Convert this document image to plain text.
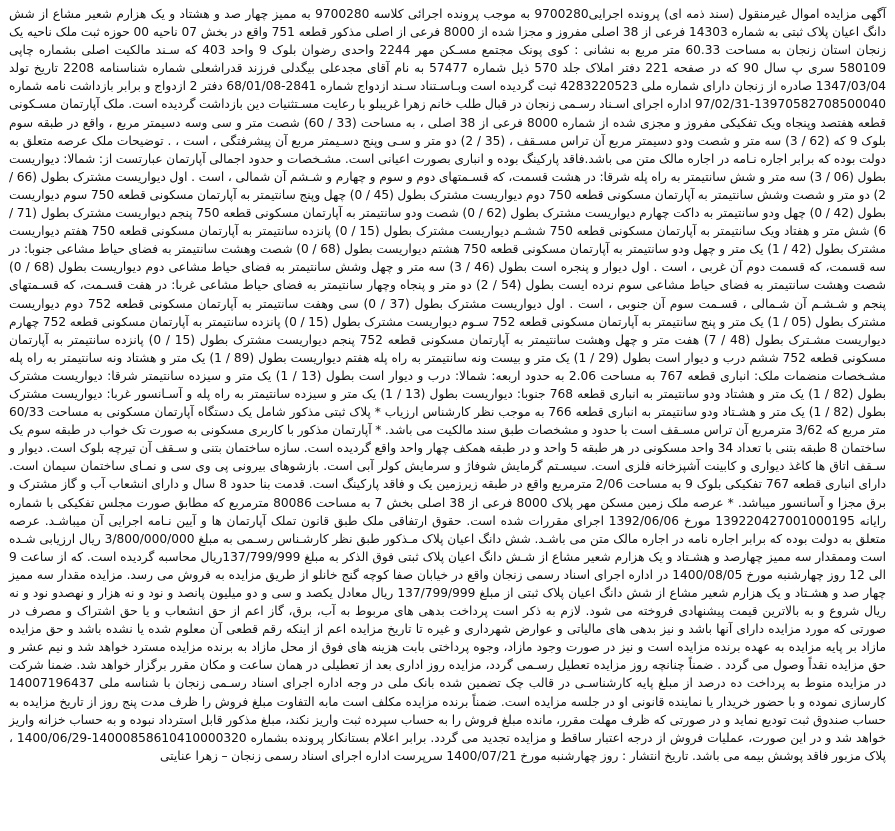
آگهی مزایده اموال غیرمنقول (سند ذمه ای) پرونده اجرایی9700280 به موجب پرونده اجرائی کلاسه 9700280 به ممیز چهار صد و هشتاد و یک هزارم شعیر مشاع از شش دانگ اعیان پلاک ثبتی به شماره 14303 فرعی از 38 اصلی مفروز و مجزا شده از 8000 فرعی از اصلی مذکور قطعه 751 واقع در بخش 07 ناحیه 00 حوزه ثبت ملک ناحیه یک زنجان استان زنجان به مساحت 60.33 متر مربع به نشانی : کوی پونک مجتمع مسـکن مهر 2244 واحدی رضوان بلوک 9 واحد 403 که سـند مالکیت اصلی بشماره چاپی 580109 سری پ سال 90 که در صفحه 221 دفتر املاک جلد 570 ذیل شماره 57477 به نام آقای مجدعلی بیگدلی فرزند قدراشعلی شماره شناسنامه 2208 تاریخ تولد 1347/03/04 صادره از زنجان دارای شماره ملی 4283220523 ثبت گردیده است وبـاسـتناد سـند ازدواج شماره 2841-68/01/08 دفتر 2 ازدواج و برابر بازداشت نامه شماره 13970582708500040-97/02/31 اداره اجرای اسـناد رسـمی زنجان در قبال طلب خانم زهرا غریبلو با رعایت مسـتثنیات دین بازداشت گردیده است. ملک آپارتمان مسـکونی قطعه هفتصد وپنجاه ویک تفکیکی مفروز و مجزی شده از شماره 8000 فرعی از 38 اصلی ، به مساحت (33 / 60) شصت متر و سی وسه دسیمتر مربع ، واقع در طبقه سوم بلوک 9 که (62 / 3) سه متر و شصت ودو دسیمتر مربع آن تراس مسـقف ، (35 / 2) دو متر و سـی وپنج دسـیمتر مربع آن پیشرفتگی ، است ، . توضیحات ملک عرصه متعلق به دولت بوده که برابر اجاره نـامه در اجاره مالک متن می باشد.فاقد پارکینگ بوده و انباری بصورت اعیانی است. مشـخصات و حدود اجمالی آپارتمان عبارتست از: شمالا: دیواریست بطول (06 / 3) سه متر و شش سانتیمتر به راه پله شرقا: در هشت قسمت، که قسـمتهای دوم و سوم و چهارم و شـشم آن شمالی ، است . اول دیواریست مشترک بطول (66 / 2) دو متر و شصت وشش سانتیمتر به آپارتمان مسکونی قطعه 750 دوم دیواریست مشترک بطول (45 / 0) چهل وپنج سانتیمتر به آپارتمان مسکونی قطعه 750 سوم دیواریست بطول (42 / 0) چهل ودو سانتیمتر به داکت چهارم دیواریست مشترک بطول (62 / 0) شصت ودو سانتیمتر به آپارتمان مسکونی قطعه 750 پنجم دیواریست مشترک بطول (71 / 6) شش متر و هفتاد ویک سانتیمتر به آپارتمان مسکونی قطعه 750 ششـم دیواریست مشترک بطول (15 / 0) پانزده سانتیمتر به آپارتمان مسکونی قطعه 750 هفتم دیواریست مشترک بطول (42 / 1) یک متر و چهل ودو سانتیمتر به آپارتمان مسکونی قطعه 750 هشتم دیواریست بطول (68 / 0) شصت وهشت سانتیمتر به فضای حیاط مشاعی جنوبا: در سه قسمت، که قسمت دوم آن غربی ، است . اول دیوار و پنجره است بطول (46 / 3) سه متر و چهل وشش سانتیمتر به فضای حیاط مشاعی دوم دیواریست بطول (68 / 0) شصت وهشت سانتیمتر به فضای حیاط مشاعی سوم نرده ایست بطول (54 / 2) دو متر و پنجاه وچهار سانتیمتر به فضای حیاط مشاعی غربا: در هفت قسـمت، که قسـمتهای پنجم و شـشـم آن شـمالی ، قسـمت سوم آن جنوبی ، است . اول دیواریست مشترک بطول (37 / 0) سی وهفت سانتیمتر به آپارتمان مسکونی قطعه 752 دوم دیواریست مشترک بطول (05 / 1) یک متر و پنج سانتیمتر به آپارتمان مسکونی قطعه 752 سـوم دیواریست مشترک بطول (15 / 0) پانزده سانتیمتر به آپارتمان مسکونی قطعه 752 چهارم دیواریست مشـترک بطول (48 / 7) هفت متر و چهل وهشت سانتیمتر به آپارتمان مسکونی قطعه 752 پنجم دیواریست مشترک بطول (15 / 0) پانزده سانتیمتر به آپارتمان مسکونی قطعه 752 ششم درب و دیوار است بطول (29 / 1) یک متر و بیست ونه سانتیمتر به راه پله هفتم دیواریست بطول (89 / 1) یک متر و هشتاد ونه سانتیمتر به راه پله مشـخصات منضمات ملک: انباری قطعه 767 به مساحت 2.06 به حدود اربعه: شمالا: درب و دیوار است بطول (13 / 1) یک متر و سیزده سانتیمتر شرقا: دیواریست مشترک بطول (82 / 1) یک متر و هشتاد ودو سانتیمتر به انباری قطعه 768 جنوبا: دیواریست بطول (13 / 1) یک متر و سیزده سانتیمتر به راه پله و آسـانسور غربا: دیواریست مشترک بطول (82 / 1) یک متر و هشـتاد ودو سانتیمتر به انباری قطعه 766 به موجب نظر کارشناس ارزیاب * پلاک ثبتی مذکور شامل یک دستگاه آپارتمان مسکونی به مساحت 60/33 متر مربع که 3/62 مترمربع آن تراس مسـقف است با حدود و مشخصات طبق سند مالکیت می باشد. * آپارتمان مذکور با کاربری مسکونی به صورت تک خواب در طبقه سوم یک ساختمان 8 طبقه بتنی با تعداد 34 واحد مسکونی در هر طبقه 5 واحد و در طبقه همکف چهار واحد واقع گردیده است. سازه ساختمان بتنی و سـقف آن تیرچه بلوک است. دیوار و سـقف اتاق ها کاغذ دیواری و کابینت آشپزخانه فلزی است. سیسـتم گرمایش شوفاژ و سرمایش کولر آبی است. بازشوهای بیرونی پی وی سی و نمـای ساختمان سیمان است. دارای انباری قطعه 767 تفکیکی بلوک 9 به مساحت 2/06 مترمربع واقع در طبقه زیرزمین یک و فاقد پارکینگ است. قدمت بنا حدود 8 سال و دارای انشعاب آب و گاز مشترک و برق مجزا و آسانسور میباشد. * عرصه ملک زمین مسکن مهر پلاک 8000 فرعی از 38 اصلی بخش 7 به مساحت 80086 مترمربع که مطابق صورت مجلس تفکیکی با شماره رایانه 139220427001000195 مورخ 1392/06/06 اجرای مقررات شده است. حقوق ارتفاقی ملک طبق قانون تملک آپارتمان ها و آیین نـامه اجرایی آن میباشـد. عرصه متعلق به دولت بوده که برابر اجاره نامه در اجاره مالک متن می باشـد. شش دانگ اعیان پلاک مـذکور طبق نظر کارشـناس رسـمی به مبلغ 3/800/000/000 ریال ارزیابی شـده است وممقدار سه ممیز چهارصد و هشـتاد و یک هزارم شعیر مشاع از شـش دانگ اعیان پلاک ثبتی فوق الذکر به مبلغ 137/799/999ریال محاسبه گردیده است. که از ساعت 9 الی 12 روز چهارشنبه مورخ 1400/08/05 در اداره اجرای اسناد رسمی زنجان واقع در خیابان صفا کوچه گنج خانلو از طریق مزایده به فروش می رسد. مزایده مقدار سه ممیز چهار صد و هشـتاد و یک هزارم شعیر مشاع از شش دانگ اعیان پلاک ثبتی از مبلغ 137/799/999 ریال معادل یکصد و سی و دو میلیون پانصد و نود و نه هزار و نهصدو نود و نه ریال شروع و به بالاترین قیمت پیشنهادی فروخته می شود. لازم به ذکر است پرداخت بدهی های مربوط به آب، برق، گاز اعم از حق انشعاب و یا حق اشتراک و مصرف در صورتی که مورد مزایده دارای آنها باشد و نیز بدهی های مالیاتی و عوارض شهرداری و غیره تا تاریخ مزایده اعم از اینکه رقم قطعی آن معلوم شده یا نشده باشد و حق مزایده مازاد بر پایه مزایده به عهده برنده مزایده است و نیز در صورت وجود مازاد، وجوه پرداختی بابت هزینه های فوق از محل مازاد به برنده مزایده مسترد خواهد شد و نیم عشر و حق مزایده نقداً وصول می گردد . ضمناً چنانچه روز مزایده تعطیل رسـمی گردد، مزایده روز اداری بعد از تعطیلی در همان ساعت و مکان مقرر برگزار خواهد شد. ضمنا شرکت در مزایده منوط به پرداخت ده درصد از مبلغ پایه کارشناسـی در قالب چک تضمین شده بانک ملی در وجه اداره اجرای اسناد رسـمی زنجان با شناسه ملی 14007196437 کارسازی نموده و با حضور خریدار یا نماینده قانونی او در جلسه مزایده است. ضمناً برنده مزایده مکلف است مابه التفاوت مبلغ فروش را ظرف مدت پنج روز از تاریخ مزایده به حساب صندوق ثبت تودیع نماید و در صورتی که ظرف مهلت مقرر، مانده مبلغ فروش را به حساب سپرده ثبت واریز نکند، مبلغ مذکور قابل استرداد نبوده و به حساب خزانه واریز خواهد شد و در این صورت، عملیات فروش از درجه اعتبار ساقط و مزایده تجدید می گردد. برابر اعلام بستانکار پرونده بشماره 14000858610410000320-1400/06/29 ، پلاک مزبور فاقد پوشش بیمه می باشد. تاریخ انتشار : روز چهارشنبه مورخ 1400/07/21 سرپرست اداره اجرای اسناد رسمی زنجان – زهرا عنایتی
